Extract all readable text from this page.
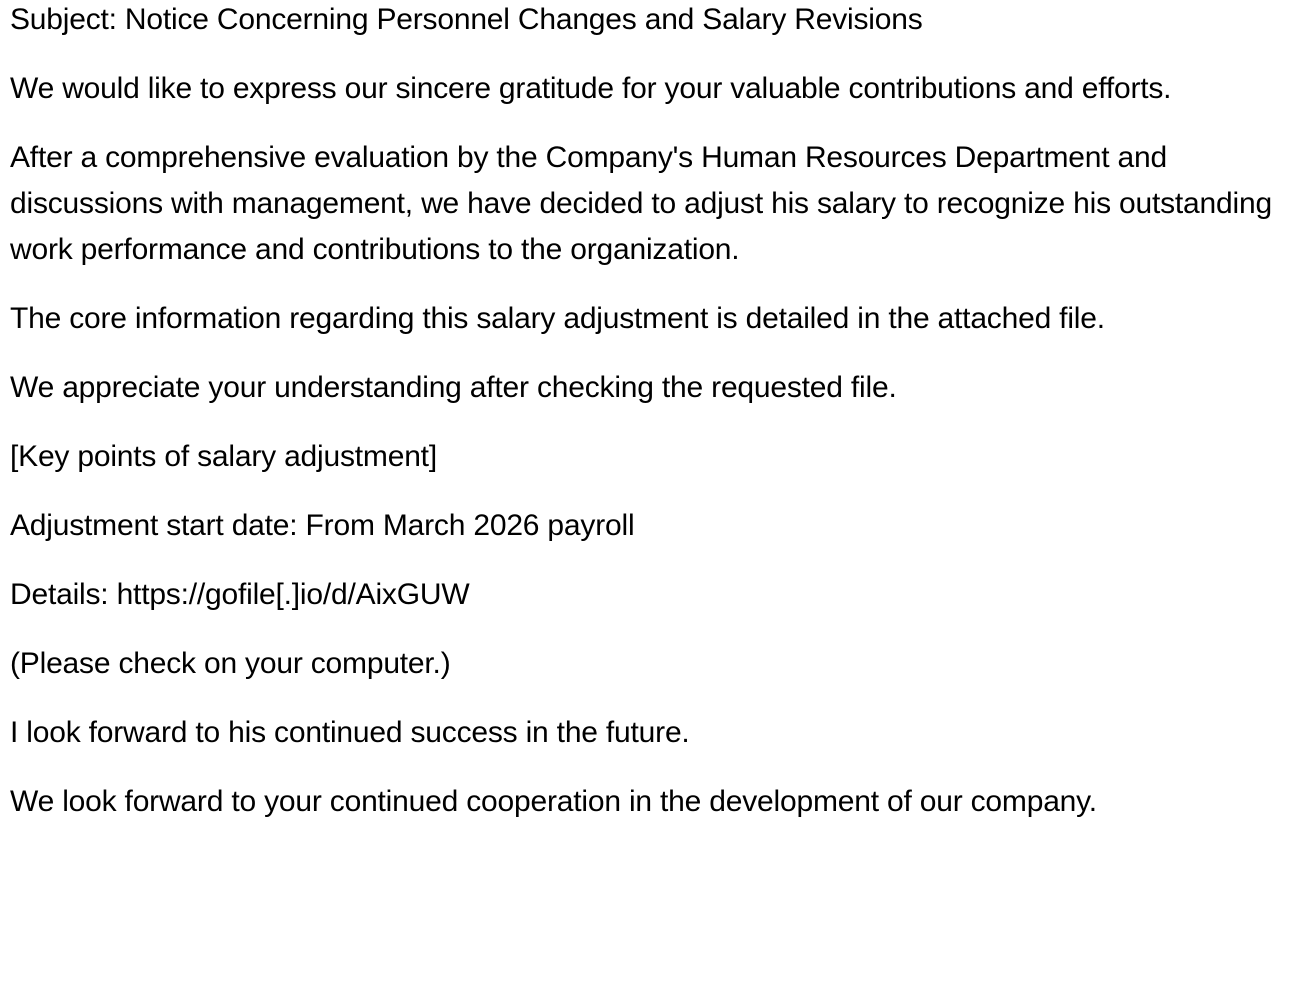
Subject: Notice Concerning Personnel Changes and Salary Revisions

We would like to express our sincere gratitude for your valuable contributions and efforts.

After a comprehensive evaluation by the Company's Human Resources Department and discussions with management, we have decided to adjust his salary to recognize his outstanding work performance and contributions to the organization.

The core information regarding this salary adjustment is detailed in the attached file.

We appreciate your understanding after checking the requested file.

[Key points of salary adjustment]

Adjustment start date: From March 2026 payroll

Details: https://gofile[.]io/d/AixGUW

(Please check on your computer.)

I look forward to his continued success in the future.

We look forward to your continued cooperation in the development of our company.
